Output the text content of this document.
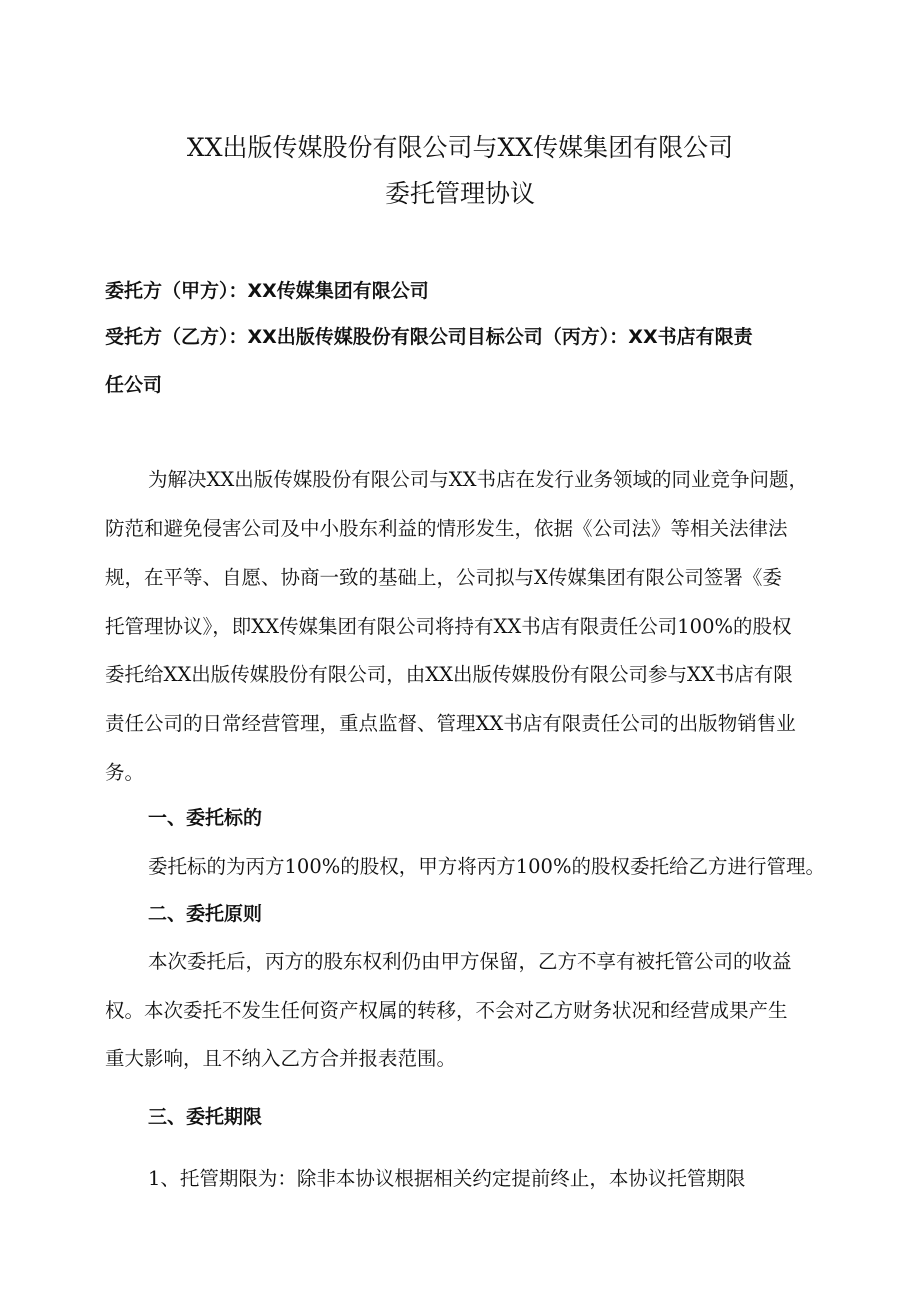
XX出版传媒股份有限公司与XX传媒集团有限公司
委托管理协议
委托方（甲方）：XX传媒集团有限公司
受托方（乙方）：XX出版传媒股份有限公司目标公司（丙方）：XX书店有限责
任公司
为解决XX出版传媒股份有限公司与XX书店在发行业务领域的同业竞争问题，
防范和避免侵害公司及中小股东利益的情形发生，依据《公司法》等相关法律法
规，在平等、自愿、协商一致的基础上，公司拟与X传媒集团有限公司签署《委
托管理协议》，即XX传媒集团有限公司将持有XX书店有限责任公司100%的股权
委托给XX出版传媒股份有限公司，由XX出版传媒股份有限公司参与XX书店有限
责任公司的日常经营管理，重点监督、管理XX书店有限责任公司的出版物销售业
务。
一、委托标的
委托标的为丙方100%的股权，甲方将丙方100%的股权委托给乙方进行管理。
二、委托原则
本次委托后，丙方的股东权利仍由甲方保留，乙方不享有被托管公司的收益
权。本次委托不发生任何资产权属的转移，不会对乙方财务状况和经营成果产生
重大影响，且不纳入乙方合并报表范围。
三、委托期限
1、托管期限为：除非本协议根据相关约定提前终止，本协议托管期限
